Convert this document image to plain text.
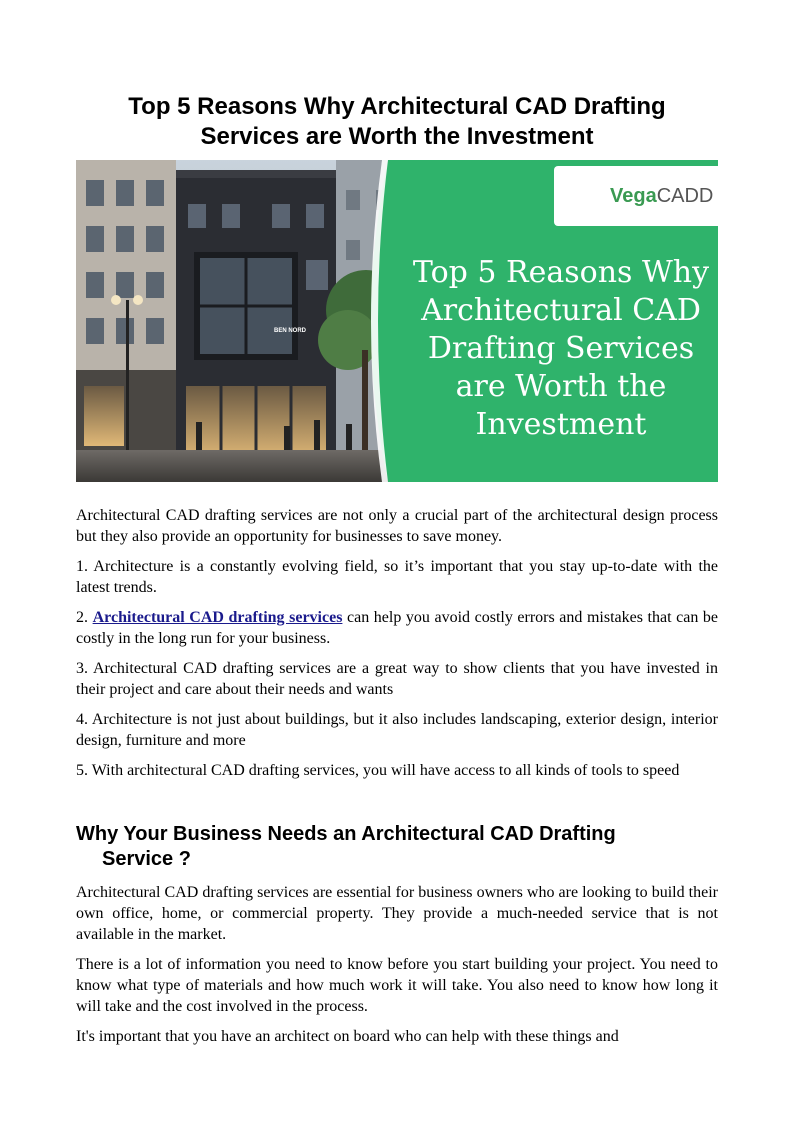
Top 5 Reasons Why Architectural CAD Drafting
Services are Worth the Investment
BEN NORD
VegaCADD
Top 5 Reasons Why
Architectural CAD
Drafting Services
are Worth the
Investment

Architectural CAD drafting services are not only a crucial part of the architectural design process but they also provide an opportunity for businesses to save money.

1. Architecture is a constantly evolving field, so it’s important that you stay up-to-date with the latest trends.

2. Architectural CAD drafting services can help you avoid costly errors and mistakes that can be costly in the long run for your business.

3. Architectural CAD drafting services are a great way to show clients that you have invested in their project and care about their needs and wants

4. Architecture is not just about buildings, but it also includes landscaping, exterior design, interior design, furniture and more

5. With architectural CAD drafting services, you will have access to all kinds of tools to speed

Why Your Business Needs an Architectural CAD Drafting
Service ?

Architectural CAD drafting services are essential for business owners who are looking to build their own office, home, or commercial property. They provide a much-needed service that is not available in the market.

There is a lot of information you need to know before you start building your project. You need to know what type of materials and how much work it will take. You also need to know how long it will take and the cost involved in the process.

It's important that you have an architect on board who can help with these things and
